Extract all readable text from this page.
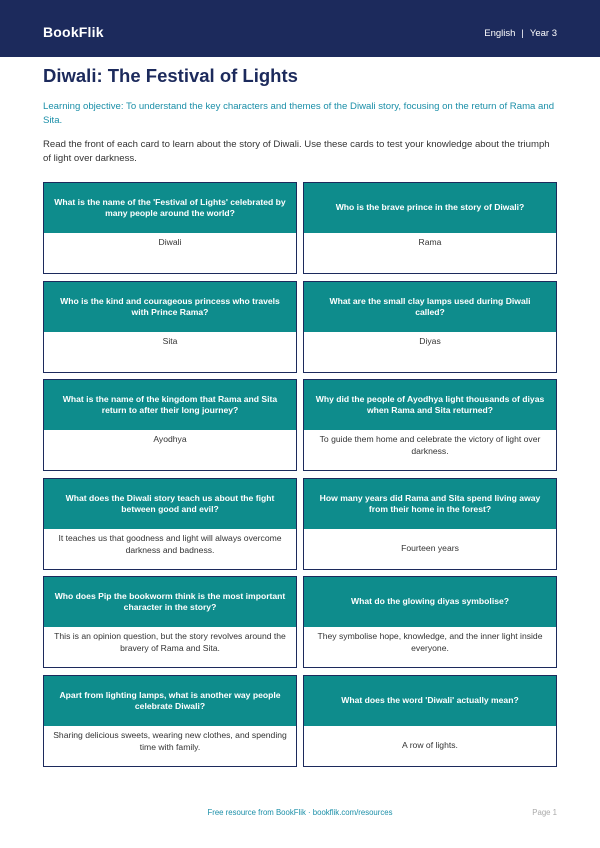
BookFlik	English | Year 3
Diwali: The Festival of Lights
Learning objective: To understand the key characters and themes of the Diwali story, focusing on the return of Rama and Sita.
Read the front of each card to learn about the story of Diwali. Use these cards to test your knowledge about the triumph of light over darkness.
What is the name of the 'Festival of Lights' celebrated by many people around the world?
Diwali
Who is the brave prince in the story of Diwali?
Rama
Who is the kind and courageous princess who travels with Prince Rama?
Sita
What are the small clay lamps used during Diwali called?
Diyas
What is the name of the kingdom that Rama and Sita return to after their long journey?
Ayodhya
Why did the people of Ayodhya light thousands of diyas when Rama and Sita returned?
To guide them home and celebrate the victory of light over darkness.
What does the Diwali story teach us about the fight between good and evil?
It teaches us that goodness and light will always overcome darkness and badness.
How many years did Rama and Sita spend living away from their home in the forest?
Fourteen years
Who does Pip the bookworm think is the most important character in the story?
This is an opinion question, but the story revolves around the bravery of Rama and Sita.
What do the glowing diyas symbolise?
They symbolise hope, knowledge, and the inner light inside everyone.
Apart from lighting lamps, what is another way people celebrate Diwali?
Sharing delicious sweets, wearing new clothes, and spending time with family.
What does the word 'Diwali' actually mean?
A row of lights.
Free resource from BookFlik · bookflik.com/resources	Page 1
